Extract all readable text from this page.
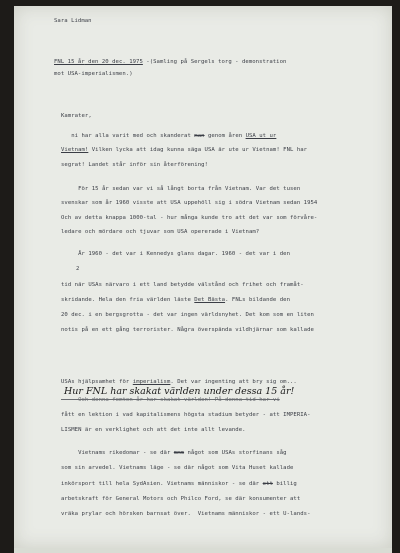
Sara Lidman
FNL 15 år den 20 dec. 1975 -(Samling på Sergels torg - demonstration
mot USA-imperialismen.)
Kamrater,
ni har alla varit med och skanderat man genom åren USA ut ur
Vietnam! Vilken lycka att idag kunna säga USA är ute ur Vietnam! FNL har
segrat! Landet står inför sin återförening!
För 15 år sedan var vi så långt borta från Vietnam. Var det tusen
svenskar som år 1960 visste att USA uppehöll sig i södra Vietnam sedan 1954
Och av detta knappa 1000-tal - hur många kunde tro att det var som förvåre-
ledare och mördare och tjuvar som USA opererade i Vietnam?
År 1960 - det var i Kennedys glans dagar. 1960 - det var i den
2
tid när USAs närvaro i ett land betydde välstånd och frihet och framåt-
skridande. Hela den fria världen läste Det Bästa. FNLs bildande den
20 dec. i en bergsgrotta - det var ingen världsnyhet. Det kom som en liten
notis på en ett gång terrorister. Några överspända vildhjärnar som kallade
USAs hjälpsamhet för imperialism. Det var ingenting att bry sig om...
Hur FNL har skakat världen under dessa 15 år!
Och denna femton år har skakat världen! På denna tid har vi
fått en lektion i vad kapitalismens högsta stadium betyder - att IMPERIA-
LISMEN är en verklighet och att det inte allt levande.
Vietnams rikedomar - se där mmm något som USAs storfinans såg
som sin arvedel. Vietnams läge - se där något som Vita Huset kallade
inkörsport till hela SydAsien. Vietnams människor - se där ett billig
arbetskraft för General Motors och Philco Ford, se där konsumenter att
vräka prylar och hörsken barnsat över.  Vietnams människor - ett U-lands-
